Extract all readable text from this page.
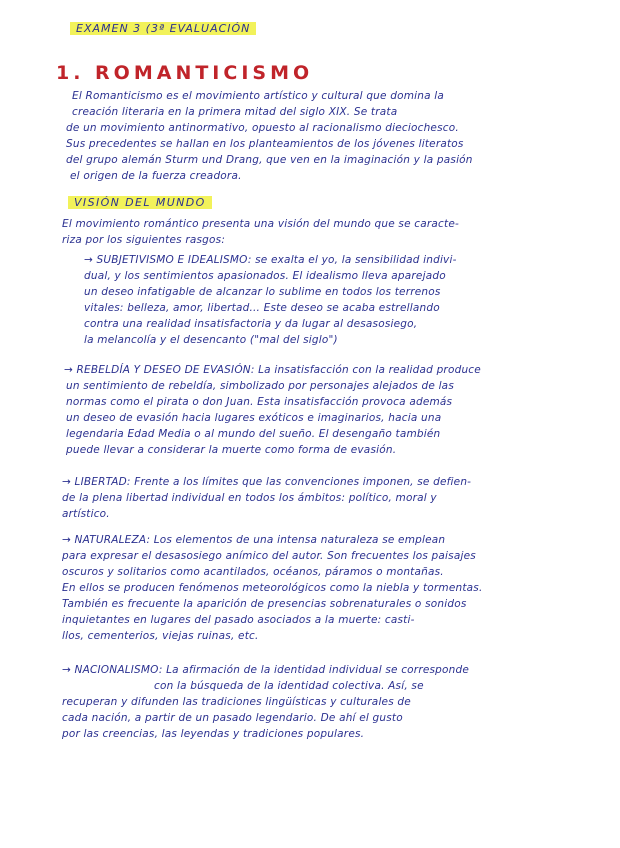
EXAMEN 3 (3ª EVALUACIÓN
1. ROMANTICISMO
El Romanticismo es el movimiento artístico y cultural que domina la
creación literaria en la primera mitad del siglo XIX. Se trata
de un movimiento antinormativo, opuesto al racionalismo dieciochesco.
Sus precedentes se hallan en los planteamientos de los jóvenes literatos
del grupo alemán Sturm und Drang, que ven en la imaginación y la pasión
el origen de la fuerza creadora.
VISIÓN DEL MUNDO
El movimiento romántico presenta una visión del mundo que se caracte-
riza por los siguientes rasgos:
→ SUBJETIVISMO E IDEALISMO: se exalta el yo, la sensibilidad indivi-
dual, y los sentimientos apasionados. El idealismo lleva aparejado
un deseo infatigable de alcanzar lo sublime en todos los terrenos
vitales: belleza, amor, libertad... Este deseo se acaba estrellando
contra una realidad insatisfactoria y da lugar al desasosiego,
la melancolía y el desencanto ("mal del siglo")
→ REBELDÍA Y DESEO DE EVASIÓN: La insatisfacción con la realidad produce
un sentimiento de rebeldía, simbolizado por personajes alejados de las
normas como el pirata o don Juan. Esta insatisfacción provoca además
un deseo de evasión hacia lugares exóticos e imaginarios, hacia una
legendaria Edad Media o al mundo del sueño. El desengaño también
puede llevar a considerar la muerte como forma de evasión.
→ LIBERTAD: Frente a los límites que las convenciones imponen, se defien-
de la plena libertad individual en todos los ámbitos: político, moral y
artístico.
→ NATURALEZA: Los elementos de una intensa naturaleza se emplean
para expresar el desasosiego anímico del autor. Son frecuentes los paisajes
oscuros y solitarios como acantilados, océanos, páramos o montañas.
En ellos se producen fenómenos meteorológicos como la niebla y tormentas.
También es frecuente la aparición de presencias sobrenaturales o sonidos
inquietantes en lugares del pasado asociados a la muerte: casti-
llos, cementerios, viejas ruinas, etc.
→ NACIONALISMO: La afirmación de la identidad individual se corresponde
con la búsqueda de la identidad colectiva. Así, se
recuperan y difunden las tradiciones lingüísticas y culturales de
cada nación, a partir de un pasado legendario. De ahí el gusto
por las creencias, las leyendas y tradiciones populares.
